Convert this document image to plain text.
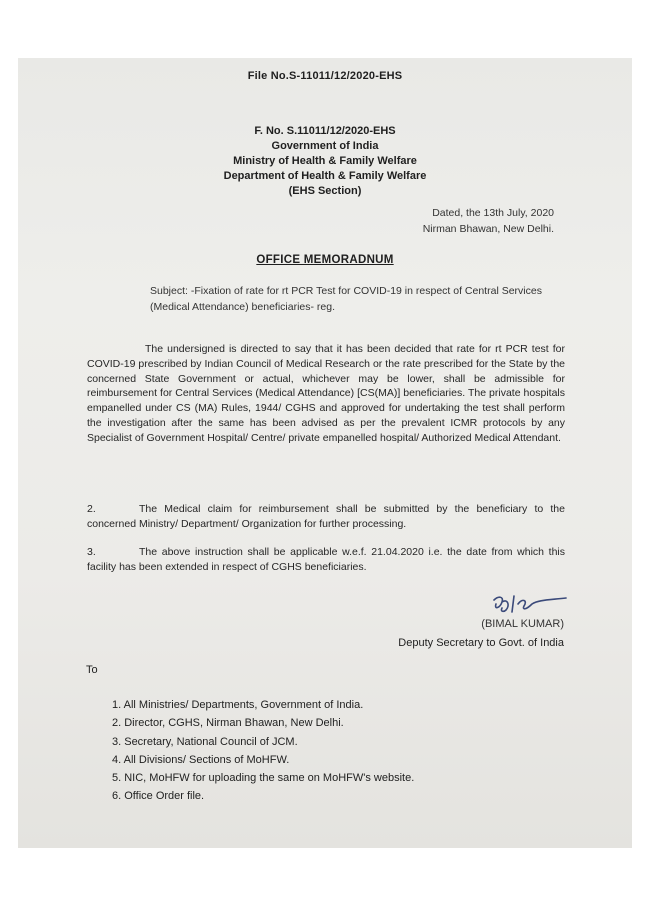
File No.S-11011/12/2020-EHS
F. No. S.11011/12/2020-EHS
Government of India
Ministry of Health & Family Welfare
Department of Health & Family Welfare
(EHS Section)
Dated, the 13th July, 2020
Nirman Bhawan, New Delhi.
OFFICE MEMORADNUM
Subject: -Fixation of rate for rt PCR Test for COVID-19 in respect of Central Services (Medical Attendance) beneficiaries- reg.
The undersigned is directed to say that it has been decided that rate for rt PCR test for COVID-19 prescribed by Indian Council of Medical Research or the rate prescribed for the State by the concerned State Government or actual, whichever may be lower, shall be admissible for reimbursement for Central Services (Medical Attendance) [CS(MA)] beneficiaries. The private hospitals empanelled under CS (MA) Rules, 1944/ CGHS and approved for undertaking the test shall perform the investigation after the same has been advised as per the prevalent ICMR protocols by any Specialist of Government Hospital/ Centre/ private empanelled hospital/ Authorized Medical Attendant.
2.	The Medical claim for reimbursement shall be submitted by the beneficiary to the concerned Ministry/ Department/ Organization for further processing.
3.	The above instruction shall be applicable w.e.f. 21.04.2020 i.e. the date from which this facility has been extended in respect of CGHS beneficiaries.
(BIMAL KUMAR)
Deputy Secretary to Govt. of India
To
1. All Ministries/ Departments, Government of India.
2. Director, CGHS, Nirman Bhawan, New Delhi.
3. Secretary, National Council of JCM.
4. All Divisions/ Sections of MoHFW.
5. NIC, MoHFW for uploading the same on MoHFW's website.
6. Office Order file.
